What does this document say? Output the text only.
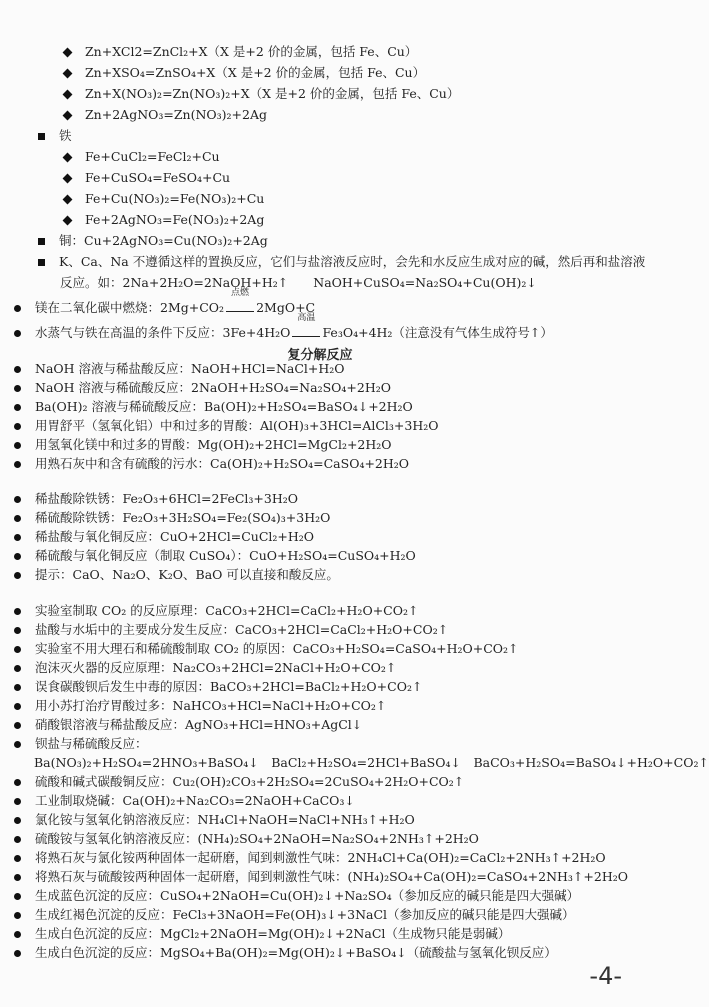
复分解反应
Zn+XCl2=ZnCl₂+X（X 是+2 价的金属，包括 Fe、Cu）
Zn+XSO₄=ZnSO₄+X（X 是+2 价的金属，包括 Fe、Cu）
Zn+X(NO₃)₂=Zn(NO₃)₂+X（X 是+2 价的金属，包括 Fe、Cu）
Zn+2AgNO₃=Zn(NO₃)₂+2Ag
铁
Fe+CuCl₂=FeCl₂+Cu
Fe+CuSO₄=FeSO₄+Cu
Fe+Cu(NO₃)₂=Fe(NO₃)₂+Cu
Fe+2AgNO₃=Fe(NO₃)₂+2Ag
铜：Cu+2AgNO₃=Cu(NO₃)₂+2Ag
K、Ca、Na 不遵循这样的置换反应，它们与盐溶液反应时，会先和水反应生成对应的碱，然后再和盐溶液
反应。如：2Na+2H₂O=2NaOH+H₂↑　　NaOH+CuSO₄=Na₂SO₄+Cu(OH)₂↓
镁在二氧化碳中燃烧：2Mg+CO₂
点燃
2MgO+C
水蒸气与铁在高温的条件下反应：3Fe+4H₂O
高温
Fe₃O₄+4H₂（注意没有气体生成符号↑）
NaOH 溶液与稀盐酸反应：NaOH+HCl=NaCl+H₂O
NaOH 溶液与稀硫酸反应：2NaOH+H₂SO₄=Na₂SO₄+2H₂O
Ba(OH)₂ 溶液与稀硫酸反应：Ba(OH)₂+H₂SO₄=BaSO₄↓+2H₂O
用胃舒平（氢氧化铝）中和过多的胃酸：Al(OH)₃+3HCl=AlCl₃+3H₂O
用氢氧化镁中和过多的胃酸：Mg(OH)₂+2HCl=MgCl₂+2H₂O
用熟石灰中和含有硫酸的污水：Ca(OH)₂+H₂SO₄=CaSO₄+2H₂O
稀盐酸除铁锈：Fe₂O₃+6HCl=2FeCl₃+3H₂O
稀硫酸除铁锈：Fe₂O₃+3H₂SO₄=Fe₂(SO₄)₃+3H₂O
稀盐酸与氧化铜反应：CuO+2HCl=CuCl₂+H₂O
稀硫酸与氧化铜反应（制取 CuSO₄）：CuO+H₂SO₄=CuSO₄+H₂O
提示：CaO、Na₂O、K₂O、BaO 可以直接和酸反应。
实验室制取 CO₂ 的反应原理：CaCO₃+2HCl=CaCl₂+H₂O+CO₂↑
盐酸与水垢中的主要成分发生反应：CaCO₃+2HCl=CaCl₂+H₂O+CO₂↑
实验室不用大理石和稀硫酸制取 CO₂ 的原因：CaCO₃+H₂SO₄=CaSO₄+H₂O+CO₂↑
泡沫灭火器的反应原理：Na₂CO₃+2HCl=2NaCl+H₂O+CO₂↑
误食碳酸钡后发生中毒的原因：BaCO₃+2HCl=BaCl₂+H₂O+CO₂↑
用小苏打治疗胃酸过多：NaHCO₃+HCl=NaCl+H₂O+CO₂↑
硝酸银溶液与稀盐酸反应：AgNO₃+HCl=HNO₃+AgCl↓
钡盐与稀硫酸反应：
Ba(NO₃)₂+H₂SO₄=2HNO₃+BaSO₄↓　BaCl₂+H₂SO₄=2HCl+BaSO₄↓　BaCO₃+H₂SO₄=BaSO₄↓+H₂O+CO₂↑
硫酸和碱式碳酸铜反应：Cu₂(OH)₂CO₃+2H₂SO₄=2CuSO₄+2H₂O+CO₂↑
工业制取烧碱：Ca(OH)₂+Na₂CO₃=2NaOH+CaCO₃↓
氯化铵与氢氧化钠溶液反应：NH₄Cl+NaOH=NaCl+NH₃↑+H₂O
硫酸铵与氢氧化钠溶液反应：(NH₄)₂SO₄+2NaOH=Na₂SO₄+2NH₃↑+2H₂O
将熟石灰与氯化铵两种固体一起研磨，闻到刺激性气味：2NH₄Cl+Ca(OH)₂=CaCl₂+2NH₃↑+2H₂O
将熟石灰与硫酸铵两种固体一起研磨，闻到刺激性气味：(NH₄)₂SO₄+Ca(OH)₂=CaSO₄+2NH₃↑+2H₂O
生成蓝色沉淀的反应：CuSO₄+2NaOH=Cu(OH)₂↓+Na₂SO₄（参加反应的碱只能是四大强碱）
生成红褐色沉淀的反应：FeCl₃+3NaOH=Fe(OH)₃↓+3NaCl（参加反应的碱只能是四大强碱）
生成白色沉淀的反应：MgCl₂+2NaOH=Mg(OH)₂↓+2NaCl（生成物只能是弱碱）
生成白色沉淀的反应：MgSO₄+Ba(OH)₂=Mg(OH)₂↓+BaSO₄↓（硫酸盐与氢氧化钡反应）
-4-
